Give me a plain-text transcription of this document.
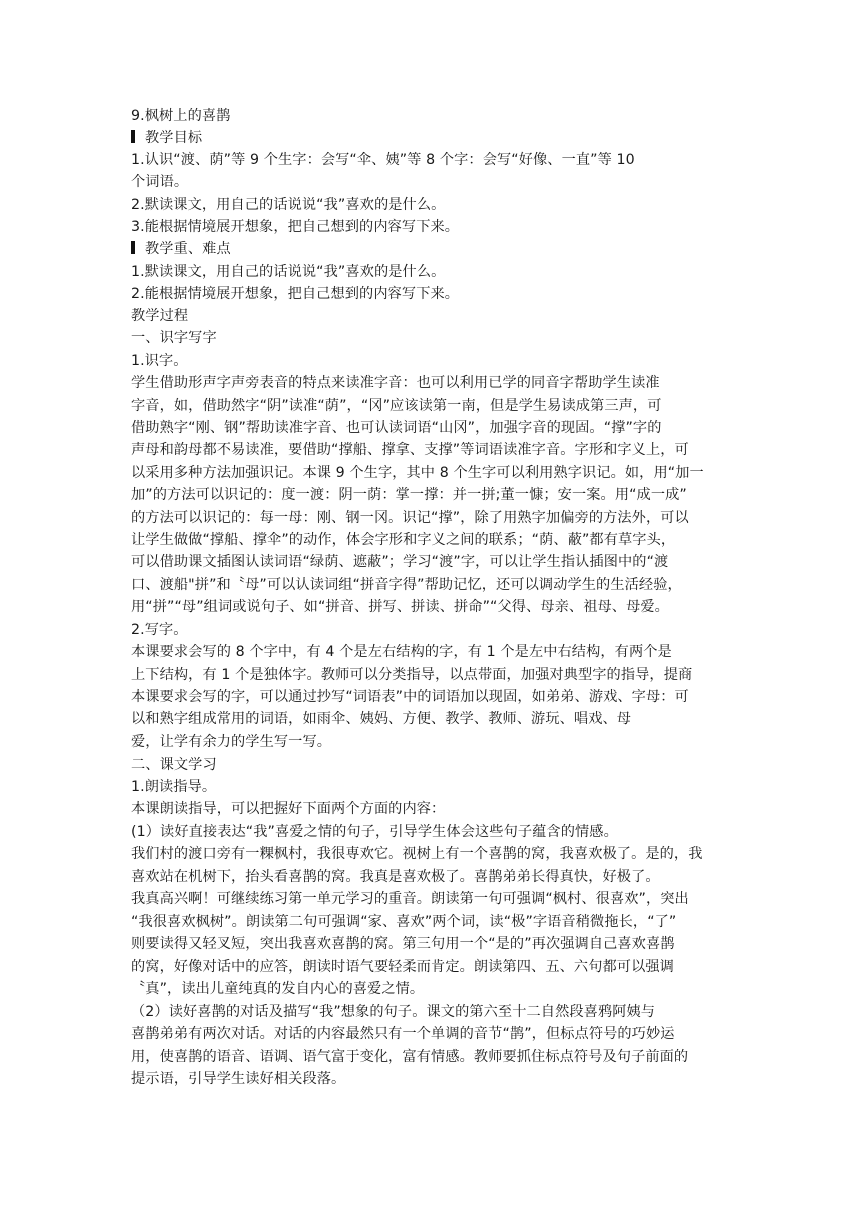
9.枫树上的喜鹊
教学目标
1.认识“渡、荫”等 9 个生字：会写“伞、姨”等 8 个字：会写“好像、一直”等 10
个词语。
2.默读课文，用自己的话说说“我”喜欢的是什么。
3.能根据情境展开想象，把自己想到的内容写下来。
教学重、难点
1.默读课文，用自己的话说说“我”喜欢的是什么。
2.能根据情境展开想象，把自己想到的内容写下来。
教学过程
一、识字写字
1.识字。
学生借助形声字声旁表音的特点来读准字音：也可以利用已学的同音字帮助学生读准
字音，如，借助然字“阴”读准“荫”，“冈”应该读第一南，但是学生易读成第三声，可
借助熟字“刚、钢”帮助读准字音、也可认读词语“山冈”，加强字音的现固。“撑”字的
声母和韵母都不易读准，要借助“撑船、撑拿、支撑”等词语读准字音。字形和字义上，可
以采用多种方法加强识记。本课 9 个生字，其中 8 个生字可以利用熟字识记。如，用“加一
加”的方法可以识记的：度一渡：阴一荫：掌一撑：并一拼;董一慷；安一案。用“成一成”
的方法可以识记的：每一母：刚、钢一冈。识记“撑”，除了用熟字加偏旁的方法外，可以
让学生做做“撑船、撑伞”的动作，体会字形和字义之间的联系；“荫、蔽”都有草字头，
可以借助课文插图认读词语“绿荫、遮蔽”；学习“渡”字，可以让学生指认插图中的“渡
口、渡船"拼”和〝母”可以认读词组“拼音字得”帮助记忆，还可以调动学生的生活经验，
用“拼”“母”组词或说句子、如“拼音、拼写、拼读、拼命”“父得、母亲、祖母、母爱。
2.写字。
本课要求会写的 8 个字中，有 4 个是左右结构的字，有 1 个是左中右结构，有两个是
上下结构，有 1 个是独体字。教师可以分类指导，以点带面，加强对典型字的指导，提商
本课要求会写的字，可以通过抄写“词语表”中的词语加以现固，如弟弟、游戏、字母：可
以和熟字组成常用的词语，如雨伞、姨妈、方便、教学、教师、游玩、唱戏、母
爱，让学有余力的学生写一写。
二、课文学习
1.朗读指导。
本课朗读指导，可以把握好下面两个方面的内容：
(1）读好直接表达“我”喜爱之情的句子，引导学生体会这些句子蕴含的情感。
我们村的渡口旁有一粿枫村，我很専欢它。视树上有一个喜鹊的窝，我喜欢极了。是的，我
喜欢站在机树下，抬头看喜鹊的窝。我真是喜欢极了。喜鹊弟弟长得真快，好极了。
我真高兴啊！可继续练习第一单元学习的重音。朗读第一句可强调“枫村、很喜欢”，突出
“我很喜欢枫树”。朗读第二句可强调“家、喜欢”两个词，读“极”字语音稍微拖长，“了”
则要读得又轻叉短，突出我喜欢喜鹊的窝。第三句用一个“是的”再次强调自己喜欢喜鹊
的窝，好像对话中的应答，朗读时语气要轻柔而肯定。朗读第四、五、六句都可以强调
〝真”，读出儿童纯真的发自内心的喜爱之情。
（2）读好喜鹊的对话及描写“我”想象的句子。课文的第六至十二自然段喜鸦阿姨与
喜鹊弟弟有两次对话。对话的内容最然只有一个单调的音节“鹊”，但标点符号的巧妙运
用，使喜鹊的语音、语调、语气富于变化，富有情感。教师要抓住标点符号及句子前面的
提示语，引导学生读好相关段落。
